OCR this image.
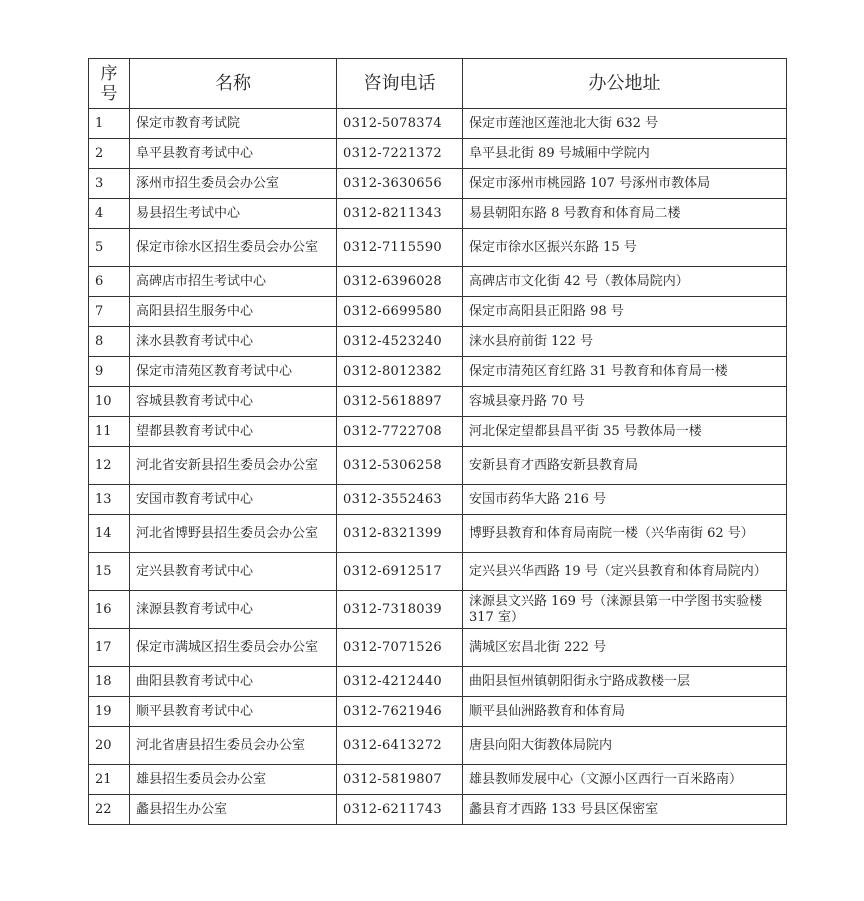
序号	名称	咨询电话	办公地址
1	保定市教育考试院	0312-5078374	保定市莲池区莲池北大街 632 号
2	阜平县教育考试中心	0312-7221372	阜平县北街 89 号城厢中学院内
3	涿州市招生委员会办公室	0312-3630656	保定市涿州市桃园路 107 号涿州市教体局
4	易县招生考试中心	0312-8211343	易县朝阳东路 8 号教育和体育局二楼
5	保定市徐水区招生委员会办公室	0312-7115590	保定市徐水区振兴东路 15 号
6	高碑店市招生考试中心	0312-6396028	高碑店市文化街 42 号（教体局院内）
7	高阳县招生服务中心	0312-6699580	保定市高阳县正阳路 98 号
8	涞水县教育考试中心	0312-4523240	涞水县府前街 122 号
9	保定市清苑区教育考试中心	0312-8012382	保定市清苑区育红路 31 号教育和体育局一楼
10	容城县教育考试中心	0312-5618897	容城县豪丹路 70 号
11	望都县教育考试中心	0312-7722708	河北保定望都县昌平街 35 号教体局一楼
12	河北省安新县招生委员会办公室	0312-5306258	安新县育才西路安新县教育局
13	安国市教育考试中心	0312-3552463	安国市药华大路 216 号
14	河北省博野县招生委员会办公室	0312-8321399	博野县教育和体育局南院一楼（兴华南街 62 号）
15	定兴县教育考试中心	0312-6912517	定兴县兴华西路 19 号（定兴县教育和体育局院内）
16	涞源县教育考试中心	0312-7318039	涞源县文兴路 169 号（涞源县第一中学图书实验楼 317 室）
17	保定市满城区招生委员会办公室	0312-7071526	满城区宏昌北街 222 号
18	曲阳县教育考试中心	0312-4212440	曲阳县恒州镇朝阳街永宁路成教楼一层
19	顺平县教育考试中心	0312-7621946	顺平县仙洲路教育和体育局
20	河北省唐县招生委员会办公室	0312-6413272	唐县向阳大街教体局院内
21	雄县招生委员会办公室	0312-5819807	雄县教师发展中心（文源小区西行一百米路南）
22	蠡县招生办公室	0312-6211743	蠡县育才西路 133 号县区保密室
